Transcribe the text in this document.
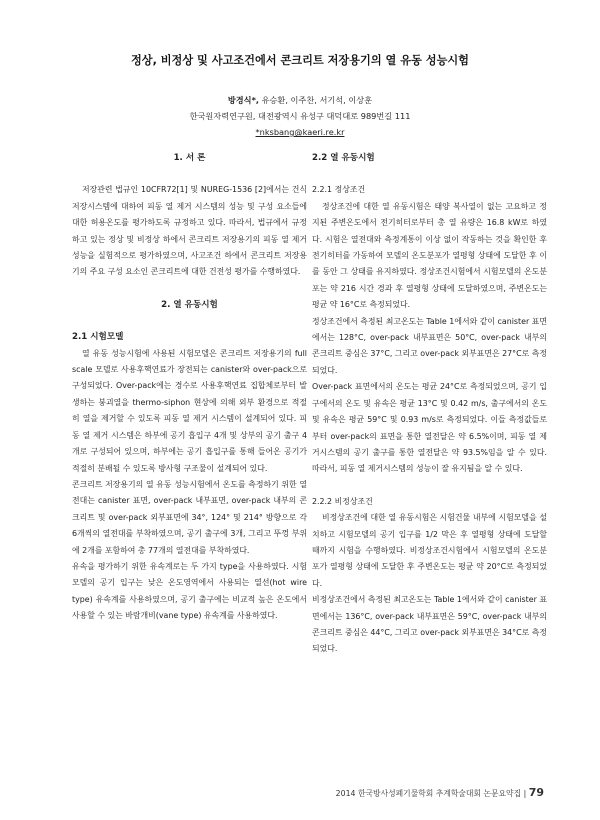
정상, 비정상 및 사고조건에서 콘크리트 저장용기의 열 유동 성능시험
방경식*, 유승환, 이주찬, 서기석, 이상훈
한국원자력연구원, 대전광역시 유성구 대덕대로 989번길 111
*nksbang@kaeri.re.kr
1. 서 론

저장관련 법규인 10CFR72[1] 및 NUREG-1536 [2]에서는 건식 저장시스템에 대하여 피동 열 제거 시스템의 성능 및 구성 요소들에 대한 허용온도를 평가하도록 규정하고 있다. 따라서, 법규에서 규정하고 있는 정상 및 비정상 하에서 콘크리트 저장용기의 피동 열 제거 성능을 실험적으로 평가하였으며, 사고조건 하에서 콘크리트 저장용기의 주요 구성 요소인 콘크리트에 대한 건전성 평가를 수행하였다.

2. 열 유동시험
2.1 시험모델

열 유동 성능시험에 사용된 시험모델은 콘크리트 저장용기의 full scale 모델로 사용후핵연료가 장전되는 canister와 over-pack으로 구성되었다. Over-pack에는 경수로 사용후핵연료 집합체로부터 발생하는 붕괴열을 thermo-siphon 현상에 의해 외부 환경으로 적절히 열을 제거할 수 있도록 피동 열 제거 시스템이 설계되어 있다. 피동 열 제거 시스템은 하부에 공기 흡입구 4개 및 상부의 공기 출구 4개로 구성되어 있으며, 하부에는 공기 흡입구를 통해 들어온 공기가 적절히 분배될 수 있도록 방사형 구조물이 설계되어 있다.

콘크리트 저장용기의 열 유동 성능시험에서 온도를 측정하기 위한 열전대는 canister 표면, over-pack 내부표면, over-pack 내부의 콘크리트 및 over-pack 외부표면에 34°, 124° 및 214° 방향으로 각 6개씩의 열전대를 부착하였으며, 공기 출구에 3개, 그리고 뚜껑 부위에 2개를 포함하여 총 77개의 열전대를 부착하였다.

유속을 평가하기 위한 유속계로는 두 가지 type을 사용하였다. 시험모델의 공기 입구는 낮은 온도영역에서 사용되는 열선(hot wire type) 유속계를 사용하였으며, 공기 출구에는 비교적 높은 온도에서 사용할 수 있는 바람개비(vane type) 유속계를 사용하였다.

2.2 열 유동시험
2.2.1 정상조건

정상조건에 대한 열 유동시험은 태양 복사열이 없는 고요하고 정지된 주변온도에서 전기히터로부터 총 열 유량은 16.8 kW로 하였다. 시험은 열전대와 측정계통이 이상 없이 작동하는 것을 확인한 후 전기히터를 가동하여 모델의 온도분포가 열평형 상태에 도달한 후 이를 동안 그 상태를 유지하였다. 정상조건시험에서 시험모델의 온도분포는 약 216 시간 경과 후 열평형 상태에 도달하였으며, 주변온도는 평균 약 16°C로 측정되었다.

정상조건에서 측정된 최고온도는 Table 1에서와 같이 canister 표면에서는 128°C, over-pack 내부표면은 50°C, over-pack 내부의 콘크리트 중심은 37°C, 그리고 over-pack 외부표면은 27°C로 측정되었다.

Over-pack 표면에서의 온도는 평균 24°C로 측정되었으며, 공기 입구에서의 온도 및 유속은 평균 13°C 및 0.42 m/s, 출구에서의 온도 및 유속은 평균 59°C 및 0.93 m/s로 측정되었다. 이들 측정값들로부터 over-pack의 표면을 통한 열전달은 약 6.5%이며, 피동 열 제거시스템의 공기 출구를 통한 열전달은 약 93.5%임을 알 수 있다. 따라서, 피동 열 제거시스템의 성능이 잘 유지됨을 알 수 있다.

2.2.2 비정상조건

비정상조건에 대한 열 유동시험은 시험건물 내부에 시험모델을 설치하고 시험모델의 공기 입구를 1/2 막은 후 열평형 상태에 도달할 때까지 시험을 수행하였다. 비정상조건시험에서 시험모델의 온도분포가 열평형 상태에 도달한 후 주변온도는 평균 약 20°C로 측정되었다.

비정상조건에서 측정된 최고온도는 Table 1에서와 같이 canister 표면에서는 136°C, over-pack 내부표면은 59°C, over-pack 내부의 콘크리트 중심은 44°C, 그리고 over-pack 외부표면은 34°C로 측정되었다.

2014 한국방사성폐기물학회 추계학술대회 논문요약집 | 79
